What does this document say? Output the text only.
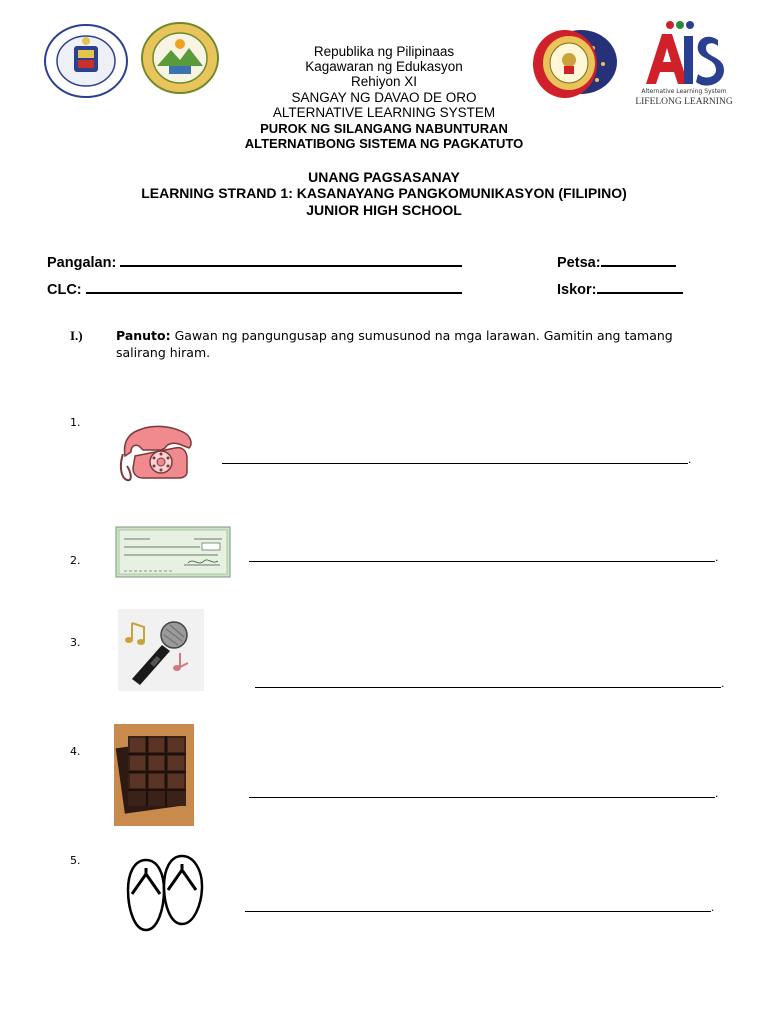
Alternative Learning System
LIFELONG LEARNING
Republika ng Pilipinaas
Kagawaran ng Edukasyon
Rehiyon XI
SANGAY NG DAVAO DE ORO
ALTERNATIVE LEARNING SYSTEM
PUROK NG SILANGANG NABUNTURAN
ALTERNATIBONG SISTEMA NG PAGKATUTO
UNANG PAGSASANAY
LEARNING STRAND 1: KASANAYANG PANGKOMUNIKASYON (FILIPINO)
JUNIOR HIGH SCHOOL
Pangalan:	Petsa:
CLC:	Iskor:
I.)	Panuto: Gawan ng pangungusap ang sumusunod na mga larawan. Gamitin ang tamang salirang hiram.
1.
.
2.	.
3.
.
4.
.
5.
.
